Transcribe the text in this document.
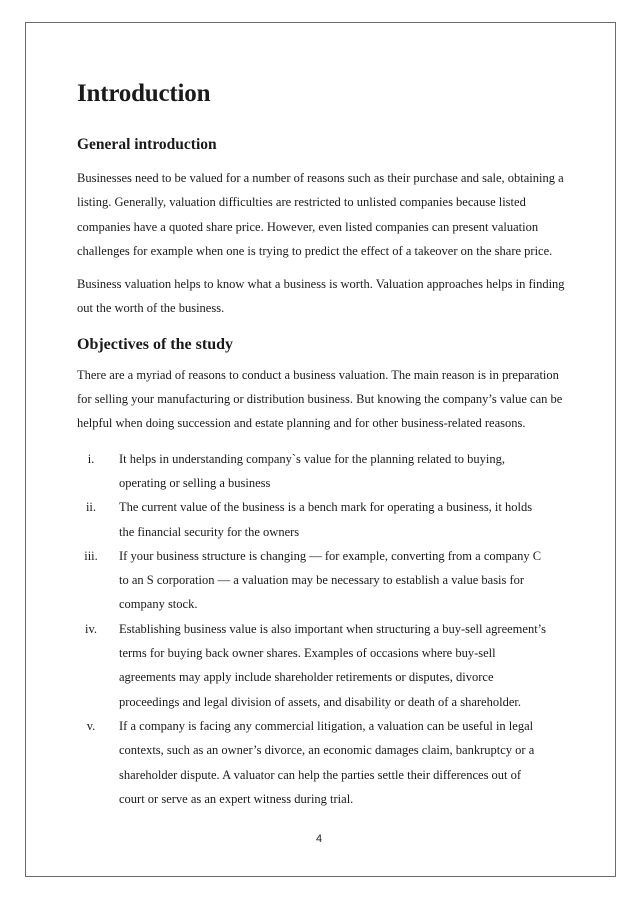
Introduction
General introduction

Businesses need to be valued for a number of reasons such as their purchase and sale, obtaining a listing. Generally, valuation difficulties are restricted to unlisted companies because listed companies have a quoted share price. However, even listed companies can present valuation challenges for example when one is trying to predict the effect of a takeover on the share price.

Business valuation helps to know what a business is worth. Valuation approaches helps in finding out the worth of the business.

Objectives of the study

There are a myriad of reasons to conduct a business valuation. The main reason is in preparation for selling your manufacturing or distribution business. But knowing the company’s value can be helpful when doing succession and estate planning and for other business-related reasons.

i.	It helps in understanding company`s value for the planning related to buying, operating or selling a business
ii.	The current value of the business is a bench mark for operating a business, it holds the financial security for the owners
iii.	If your business structure is changing — for example, converting from a company C to an S corporation — a valuation may be necessary to establish a value basis for company stock.
iv.	Establishing business value is also important when structuring a buy-sell agreement’s terms for buying back owner shares. Examples of occasions where buy-sell agreements may apply include shareholder retirements or disputes, divorce proceedings and legal division of assets, and disability or death of a shareholder.
v.	If a company is facing any commercial litigation, a valuation can be useful in legal contexts, such as an owner’s divorce, an economic damages claim, bankruptcy or a shareholder dispute. A valuator can help the parties settle their differences out of court or serve as an expert witness during trial.
4
